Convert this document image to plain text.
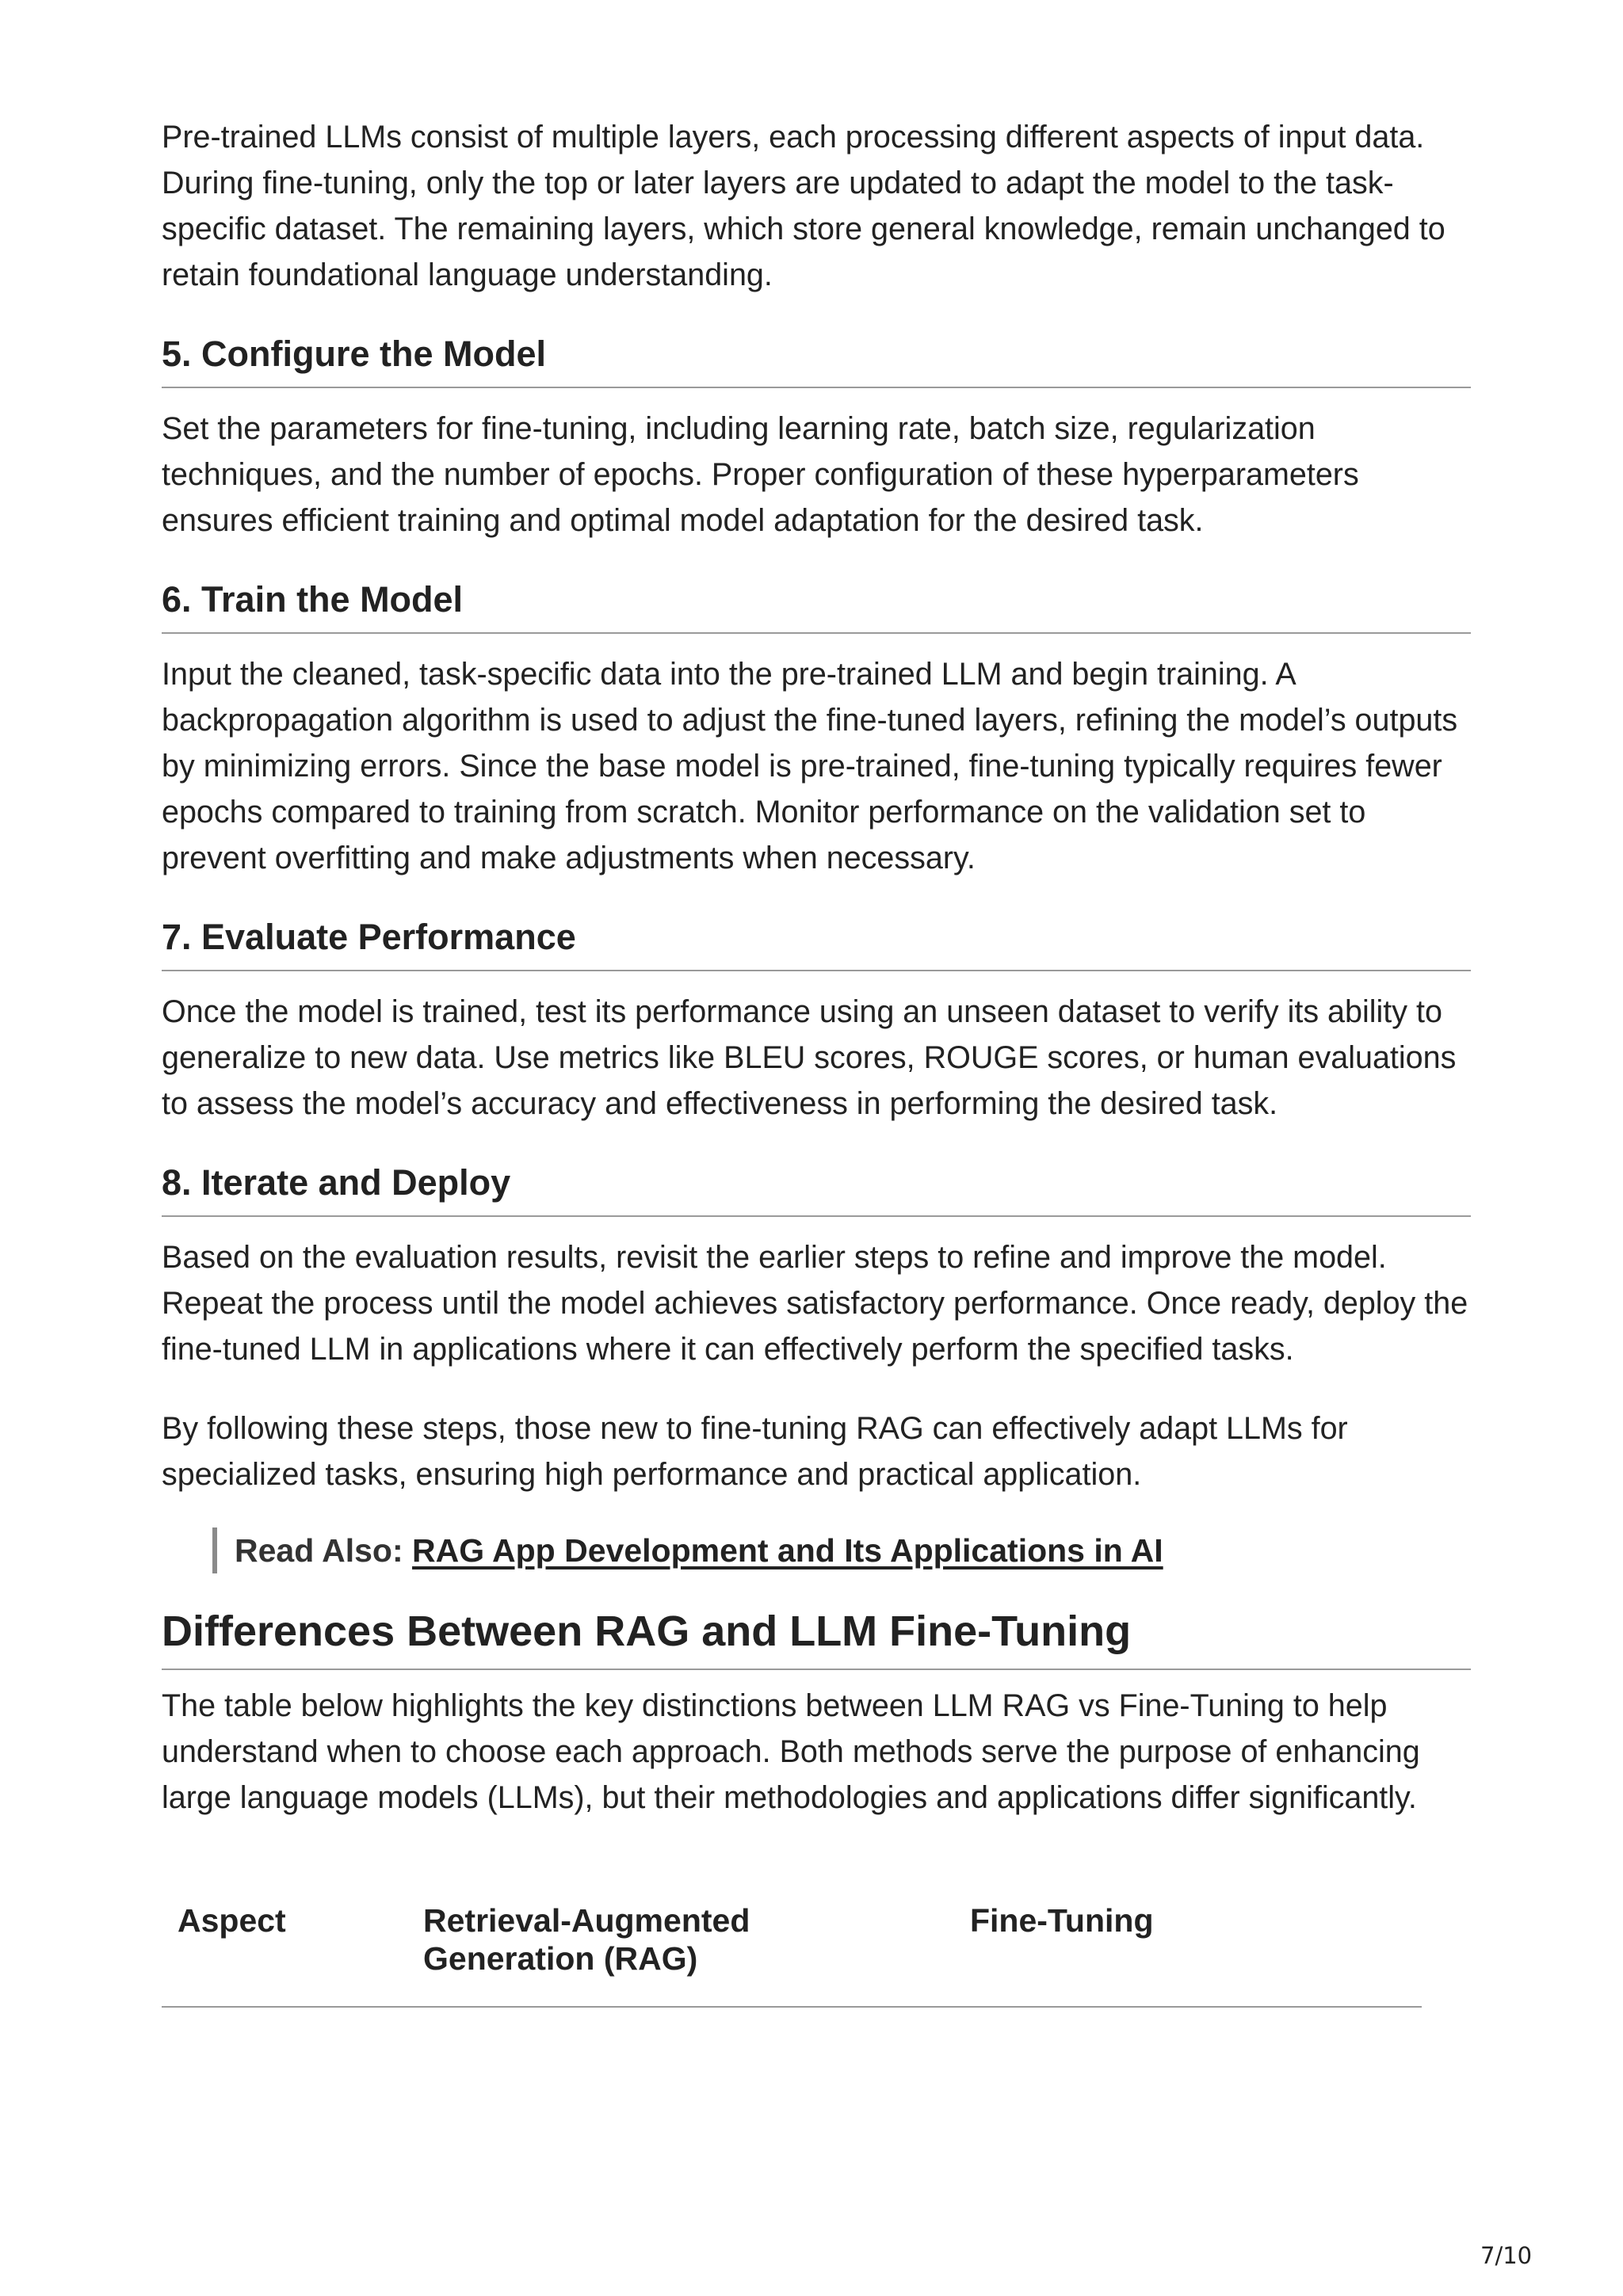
Pre-trained LLMs consist of multiple layers, each processing different aspects of input data. During fine-tuning, only the top or later layers are updated to adapt the model to the task-specific dataset. The remaining layers, which store general knowledge, remain unchanged to retain foundational language understanding.

5. Configure the Model

Set the parameters for fine-tuning, including learning rate, batch size, regularization techniques, and the number of epochs. Proper configuration of these hyperparameters ensures efficient training and optimal model adaptation for the desired task.

6. Train the Model

Input the cleaned, task-specific data into the pre-trained LLM and begin training. A backpropagation algorithm is used to adjust the fine-tuned layers, refining the model’s outputs by minimizing errors. Since the base model is pre-trained, fine-tuning typically requires fewer epochs compared to training from scratch. Monitor performance on the validation set to prevent overfitting and make adjustments when necessary.

7. Evaluate Performance

Once the model is trained, test its performance using an unseen dataset to verify its ability to generalize to new data. Use metrics like BLEU scores, ROUGE scores, or human evaluations to assess the model’s accuracy and effectiveness in performing the desired task.

8. Iterate and Deploy

Based on the evaluation results, revisit the earlier steps to refine and improve the model. Repeat the process until the model achieves satisfactory performance. Once ready, deploy the fine-tuned LLM in applications where it can effectively perform the specified tasks.

By following these steps, those new to fine-tuning RAG can effectively adapt LLMs for specialized tasks, ensuring high performance and practical application.

Read Also: RAG App Development and Its Applications in AI
Differences Between RAG and LLM Fine-Tuning

The table below highlights the key distinctions between LLM RAG vs Fine-Tuning to help understand when to choose each approach. Both methods serve the purpose of enhancing large language models (LLMs), but their methodologies and applications differ significantly.

Aspect	Retrieval-Augmented Generation (RAG)
Fine-Tuning
7/10
